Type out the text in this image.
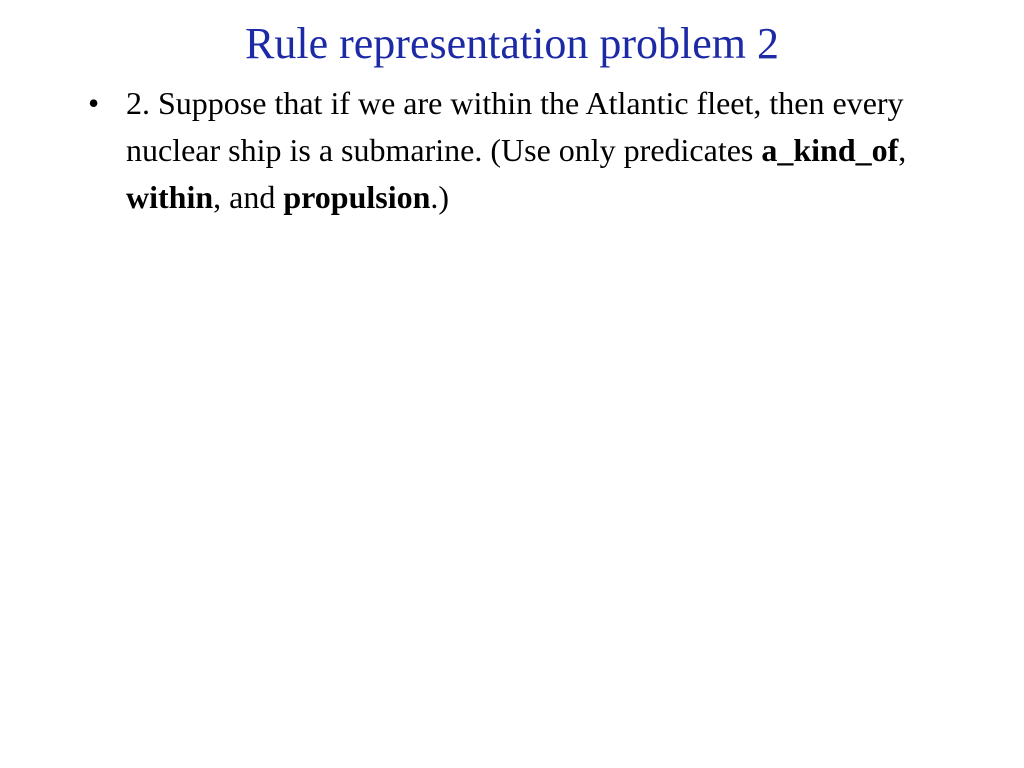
Rule representation problem 2
• 2. Suppose that if we are within the Atlantic fleet, then every nuclear ship is a submarine. (Use only predicates a_kind_of, within, and propulsion.)
